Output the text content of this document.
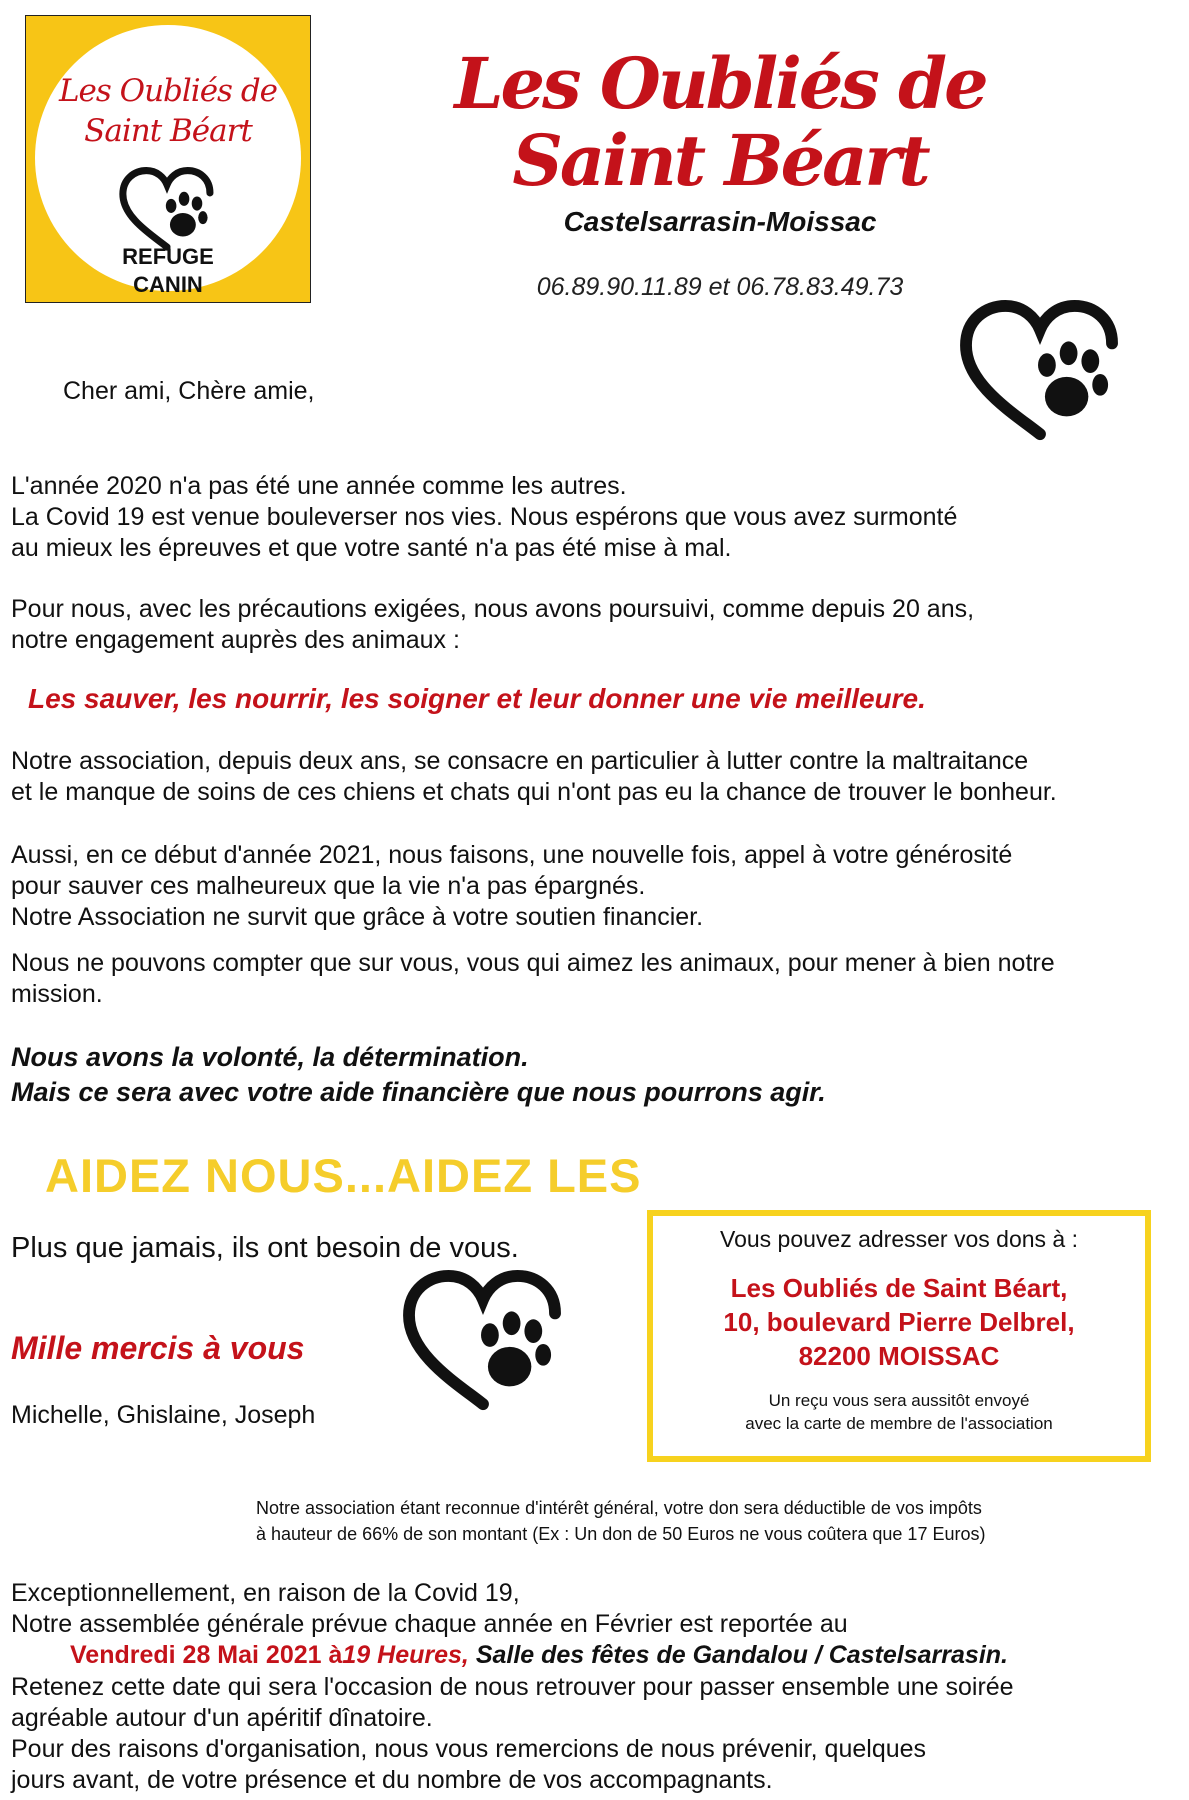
Les Oubliés de
Saint Béart
REFUGE
CANIN
Les Oubliés de
Saint Béart
Castelsarrasin-Moissac
06.89.90.11.89 et 06.78.83.49.73
Cher ami, Chère amie,
L'année 2020 n'a pas été une année comme les autres.
La Covid 19 est venue bouleverser nos vies. Nous espérons que vous avez surmonté
au mieux les épreuves et que votre santé n'a pas été mise à mal.
Pour nous, avec les précautions exigées, nous avons poursuivi, comme depuis 20 ans,
notre engagement auprès des animaux :
Les sauver, les nourrir, les soigner et leur donner une vie meilleure.
Notre association, depuis deux ans, se consacre en particulier à lutter contre la maltraitance
et le manque de soins de ces chiens et chats qui n'ont pas eu la chance de trouver le bonheur.
Aussi, en ce début d'année 2021, nous faisons, une nouvelle fois, appel à votre générosité
pour sauver ces malheureux que la vie n'a pas épargnés.
Notre Association ne survit que grâce à votre soutien financier.
Nous ne pouvons compter que sur vous, vous qui aimez les animaux, pour mener à bien notre
mission.
Nous avons la volonté, la détermination.
Mais ce sera avec votre aide financière que nous pourrons agir.
AIDEZ NOUS...AIDEZ LES
Plus que jamais, ils ont besoin de vous.
Mille mercis à vous
Michelle, Ghislaine, Joseph
Vous pouvez adresser vos dons à :
Les Oubliés de Saint Béart,
10, boulevard Pierre Delbrel,
82200 MOISSAC
Un reçu vous sera aussitôt envoyé
avec la carte de membre de l'association
Notre association étant reconnue d'intérêt général, votre don sera déductible de vos impôts
à hauteur de 66% de son montant (Ex : Un don de 50 Euros ne vous coûtera que 17 Euros)
Exceptionnellement, en raison de la Covid 19,
Notre assemblée générale prévue chaque année en Février est reportée au
Vendredi 28 Mai 2021 à19 Heures, Salle des fêtes de Gandalou / Castelsarrasin.
Retenez cette date qui sera l'occasion de nous retrouver pour passer ensemble une soirée
agréable autour d'un apéritif dînatoire.
Pour des raisons d'organisation, nous vous remercions de nous prévenir, quelques
jours avant, de votre présence et du nombre de vos accompagnants.
